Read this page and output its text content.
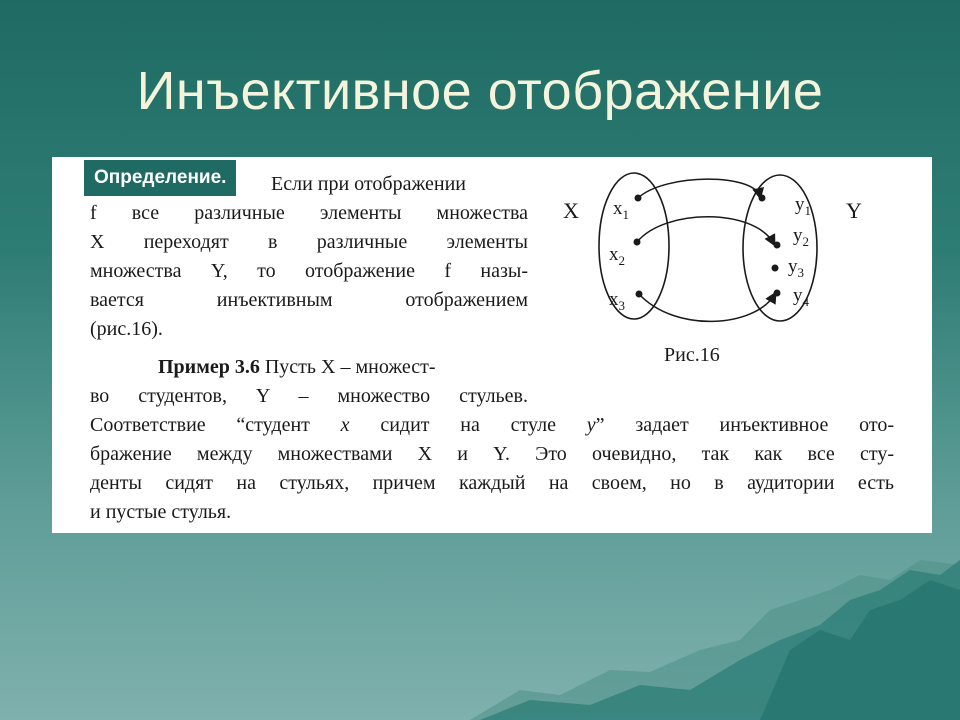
Инъективное отображение
Если при отображении
f все различные элементы множества
X переходят в различные элементы
множества Y, то отображение f назы-
вается инъективным отображением
(рис.16).
Определение.
Пример 3.6 Пусть X – множест-
во студентов, Y – множество стульев.
Соответствие “студент x сидит на стуле y” задает инъективное ото-
бражение между множествами X и Y. Это очевидно, так как все сту-
денты сидят на стульях, причем каждый на своем, но в аудитории есть
и пустые стулья.
X	Y
$x_1$
$x_2$
$x_3$
$y_1$
$y_2$
$y_3$
$y_4$
Рис.16
